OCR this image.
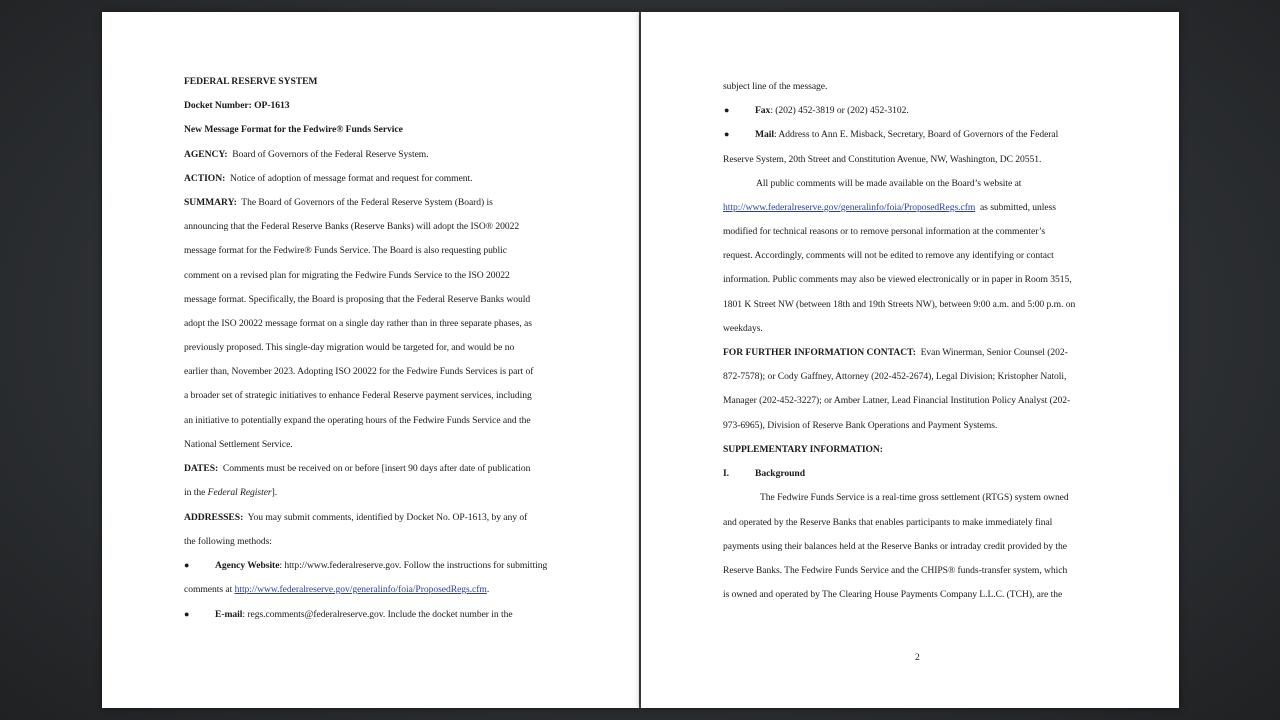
FEDERAL RESERVE SYSTEM
Docket Number: OP-1613
New Message Format for the Fedwire® Funds Service
AGENCY: Board of Governors of the Federal Reserve System.
ACTION: Notice of adoption of message format and request for comment.
SUMMARY: The Board of Governors of the Federal Reserve System (Board) is
announcing that the Federal Reserve Banks (Reserve Banks) will adopt the ISO® 20022
message format for the Fedwire® Funds Service. The Board is also requesting public
comment on a revised plan for migrating the Fedwire Funds Service to the ISO 20022
message format. Specifically, the Board is proposing that the Federal Reserve Banks would
adopt the ISO 20022 message format on a single day rather than in three separate phases, as
previously proposed. This single-day migration would be targeted for, and would be no
earlier than, November 2023. Adopting ISO 20022 for the Fedwire Funds Services is part of
a broader set of strategic initiatives to enhance Federal Reserve payment services, including
an initiative to potentially expand the operating hours of the Fedwire Funds Service and the
National Settlement Service.
DATES: Comments must be received on or before [insert 90 days after date of publication
in the Federal Register].
ADDRESSES: You may submit comments, identified by Docket No. OP-1613, by any of
the following methods:
●	Agency Website: http://www.federalreserve.gov. Follow the instructions for submitting
comments at http://www.federalreserve.gov/generalinfo/foia/ProposedRegs.cfm.
●	E-mail: regs.comments@federalreserve.gov. Include the docket number in the
subject line of the message.
●	Fax: (202) 452-3819 or (202) 452-3102.
●	Mail: Address to Ann E. Misback, Secretary, Board of Governors of the Federal
Reserve System, 20th Street and Constitution Avenue, NW, Washington, DC 20551.
All public comments will be made available on the Board’s website at
http://www.federalreserve.gov/generalinfo/foia/ProposedRegs.cfm as submitted, unless
modified for technical reasons or to remove personal information at the commenter’s
request. Accordingly, comments will not be edited to remove any identifying or contact
information. Public comments may also be viewed electronically or in paper in Room 3515,
1801 K Street NW (between 18th and 19th Streets NW), between 9:00 a.m. and 5:00 p.m. on
weekdays.
FOR FURTHER INFORMATION CONTACT: Evan Winerman, Senior Counsel (202-
872-7578); or Cody Gaffney, Attorney (202-452-2674), Legal Division; Kristopher Natoli,
Manager (202-452-3227); or Amber Latner, Lead Financial Institution Policy Analyst (202-
973-6965), Division of Reserve Bank Operations and Payment Systems.
SUPPLEMENTARY INFORMATION:
I.	Background
The Fedwire Funds Service is a real-time gross settlement (RTGS) system owned
and operated by the Reserve Banks that enables participants to make immediately final
payments using their balances held at the Reserve Banks or intraday credit provided by the
Reserve Banks. The Fedwire Funds Service and the CHIPS® funds-transfer system, which
is owned and operated by The Clearing House Payments Company L.L.C. (TCH), are the
2
